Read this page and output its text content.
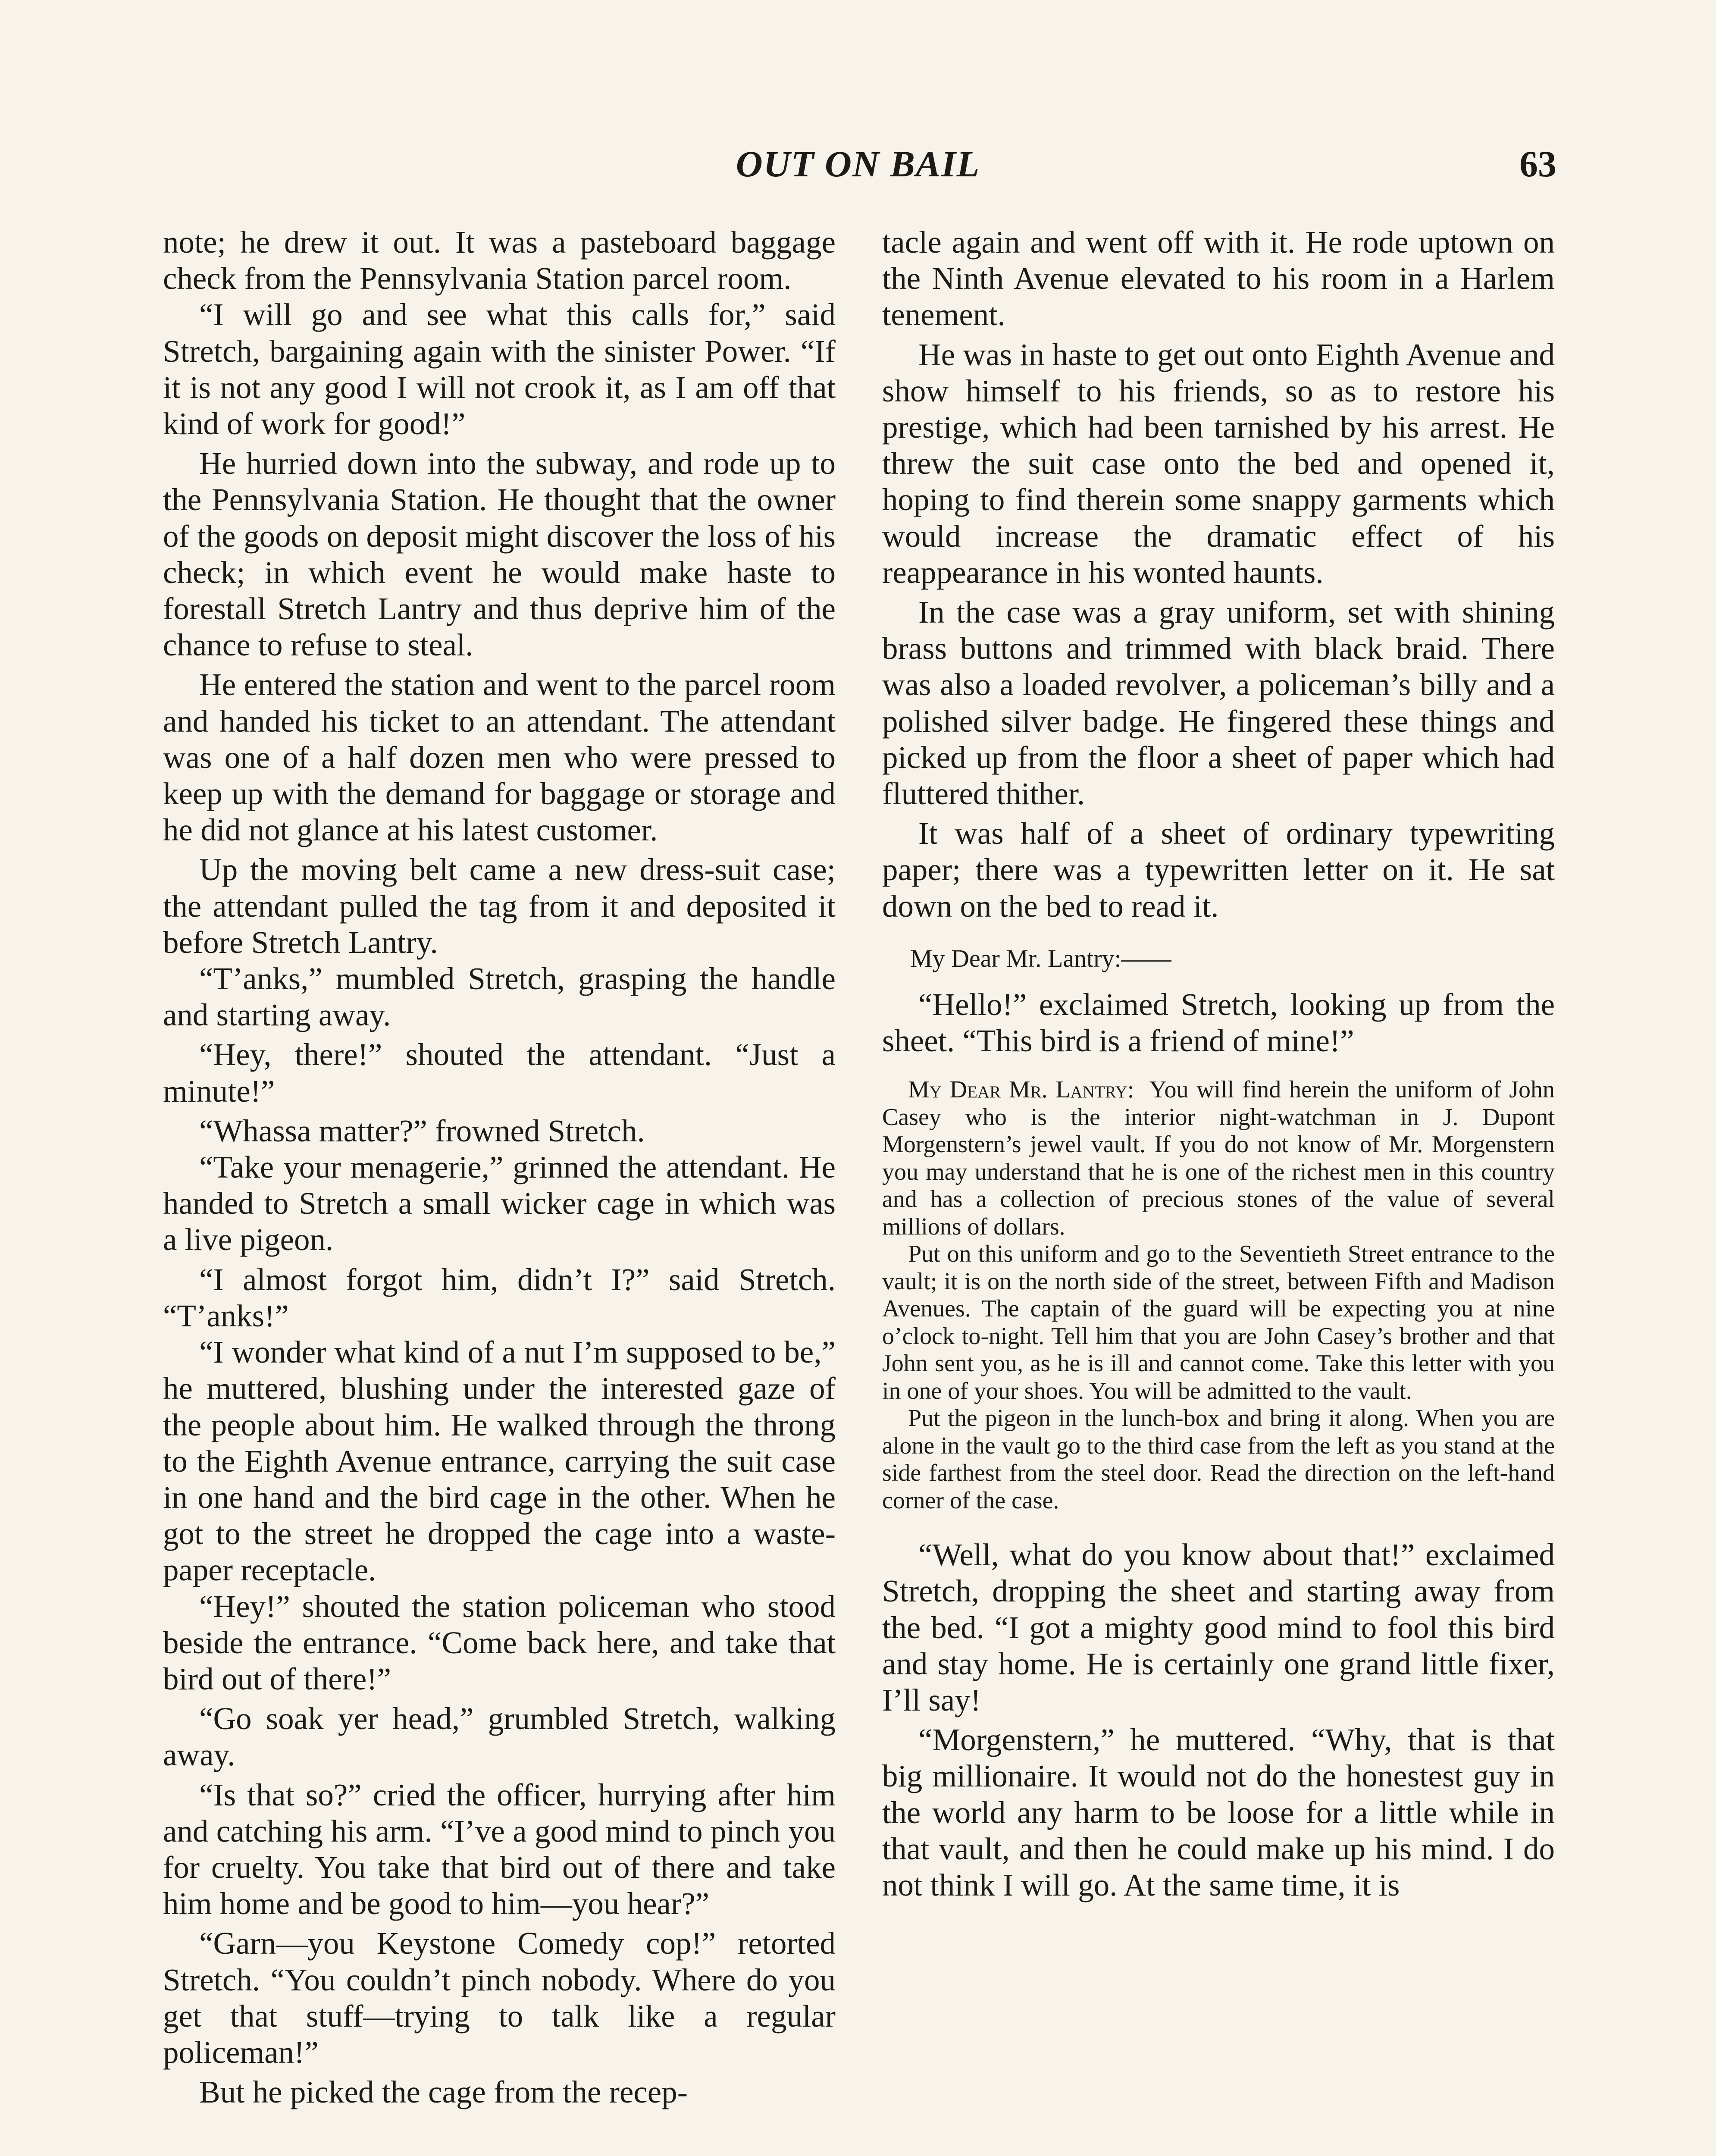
OUT ON BAIL	63

note; he drew it out. It was a pasteboard baggage check from the Pennsylvania Station parcel room.

“I will go and see what this calls for,” said Stretch, bargaining again with the sinister Power. “If it is not any good I will not crook it, as I am off that kind of work for good!”

He hurried down into the subway, and rode up to the Pennsylvania Station. He thought that the owner of the goods on deposit might discover the loss of his check; in which event he would make haste to forestall Stretch Lantry and thus deprive him of the chance to refuse to steal.

He entered the station and went to the parcel room and handed his ticket to an attendant. The attendant was one of a half dozen men who were pressed to keep up with the demand for baggage or storage and he did not glance at his latest customer.

Up the moving belt came a new dress-suit case; the attendant pulled the tag from it and deposited it before Stretch Lantry.

“T’anks,” mumbled Stretch, grasping the handle and starting away.

“Hey, there!” shouted the attendant. “Just a minute!”

“Whassa matter?” frowned Stretch.

“Take your menagerie,” grinned the attendant. He handed to Stretch a small wicker cage in which was a live pigeon.

“I almost forgot him, didn’t I?” said Stretch. “T’anks!”

“I wonder what kind of a nut I’m supposed to be,” he muttered, blushing under the interested gaze of the people about him. He walked through the throng to the Eighth Avenue entrance, carrying the suit case in one hand and the bird cage in the other. When he got to the street he dropped the cage into a waste-paper receptacle.

“Hey!” shouted the station policeman who stood beside the entrance. “Come back here, and take that bird out of there!”

“Go soak yer head,” grumbled Stretch, walking away.

“Is that so?” cried the officer, hurrying after him and catching his arm. “I’ve a good mind to pinch you for cruelty. You take that bird out of there and take him home and be good to him—you hear?”

“Garn—you Keystone Comedy cop!” retorted Stretch. “You couldn’t pinch nobody. Where do you get that stuff—trying to talk like a regular policeman!”

But he picked the cage from the recep-

tacle again and went off with it. He rode uptown on the Ninth Avenue elevated to his room in a Harlem tenement.

He was in haste to get out onto Eighth Avenue and show himself to his friends, so as to restore his prestige, which had been tarnished by his arrest. He threw the suit case onto the bed and opened it, hoping to find therein some snappy garments which would increase the dramatic effect of his reappearance in his wonted haunts.

In the case was a gray uniform, set with shining brass buttons and trimmed with black braid. There was also a loaded revolver, a policeman’s billy and a polished silver badge. He fingered these things and picked up from the floor a sheet of paper which had fluttered thither.

It was half of a sheet of ordinary typewriting paper; there was a typewritten letter on it. He sat down on the bed to read it.

My Dear Mr. Lantry:——

“Hello!” exclaimed Stretch, looking up from the sheet. “This bird is a friend of mine!”

My Dear Mr. Lantry: You will find herein the uniform of John Casey who is the interior night-watchman in J. Dupont Morgenstern’s jewel vault. If you do not know of Mr. Morgenstern you may understand that he is one of the richest men in this country and has a collection of precious stones of the value of several millions of dollars.

Put on this uniform and go to the Seventieth Street entrance to the vault; it is on the north side of the street, between Fifth and Madison Avenues. The captain of the guard will be expecting you at nine o’clock to-night. Tell him that you are John Casey’s brother and that John sent you, as he is ill and cannot come. Take this letter with you in one of your shoes. You will be admitted to the vault.

Put the pigeon in the lunch-box and bring it along. When you are alone in the vault go to the third case from the left as you stand at the side farthest from the steel door. Read the direction on the left-hand corner of the case.

“Well, what do you know about that!” exclaimed Stretch, dropping the sheet and starting away from the bed. “I got a mighty good mind to fool this bird and stay home. He is certainly one grand little fixer, I’ll say!

“Morgenstern,” he muttered. “Why, that is that big millionaire. It would not do the honestest guy in the world any harm to be loose for a little while in that vault, and then he could make up his mind. I do not think I will go. At the same time, it is
